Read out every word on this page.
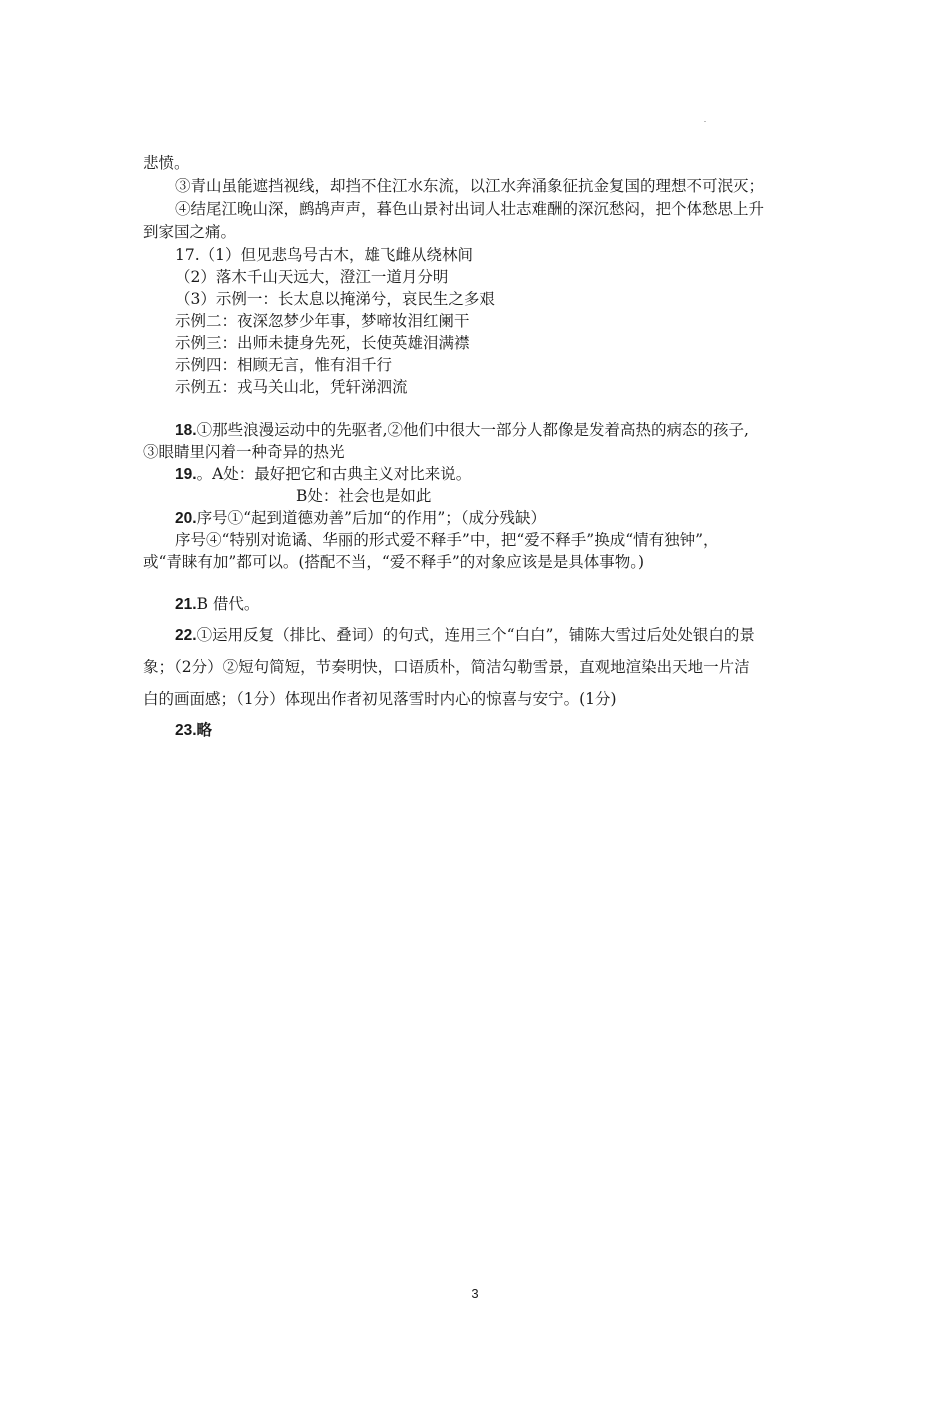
悲愤。
③青山虽能遮挡视线，却挡不住江水东流，以江水奔涌象征抗金复国的理想不可泯灭；
④结尾江晚山深，鹧鸪声声，暮色山景衬出词人壮志难酬的深沉愁闷，把个体愁思上升
到家国之痛。
17.（1）但见悲鸟号古木，雄飞雌从绕林间
（2）落木千山天远大，澄江一道月分明
（3）示例一：长太息以掩涕兮，哀民生之多艰
示例二：夜深忽梦少年事，梦啼妆泪红阑干
示例三：出师未捷身先死，长使英雄泪满襟
示例四：相顾无言，惟有泪千行
示例五：戎马关山北，凭轩涕泗流
18.①那些浪漫运动中的先驱者,②他们中很大一部分人都像是发着高热的病态的孩子,
③眼睛里闪着一种奇异的热光
19.。A处：最好把它和古典主义对比来说。
B处：社会也是如此
20.序号①“起到道德劝善”后加“的作用”；（成分残缺）
序号④“特别对诡谲、华丽的形式爱不释手”中，把“爱不释手”换成“情有独钟”，
或“青睐有加”都可以。(搭配不当，“爱不释手”的对象应该是是具体事物。)
21.B 借代。
22.①运用反复（排比、叠词）的句式，连用三个“白白”，铺陈大雪过后处处银白的景
象；（2分）②短句简短，节奏明快，口语质朴，简洁勾勒雪景，直观地渲染出天地一片洁
白的画面感；（1分）体现出作者初见落雪时内心的惊喜与安宁。(1分)
23.略
3
